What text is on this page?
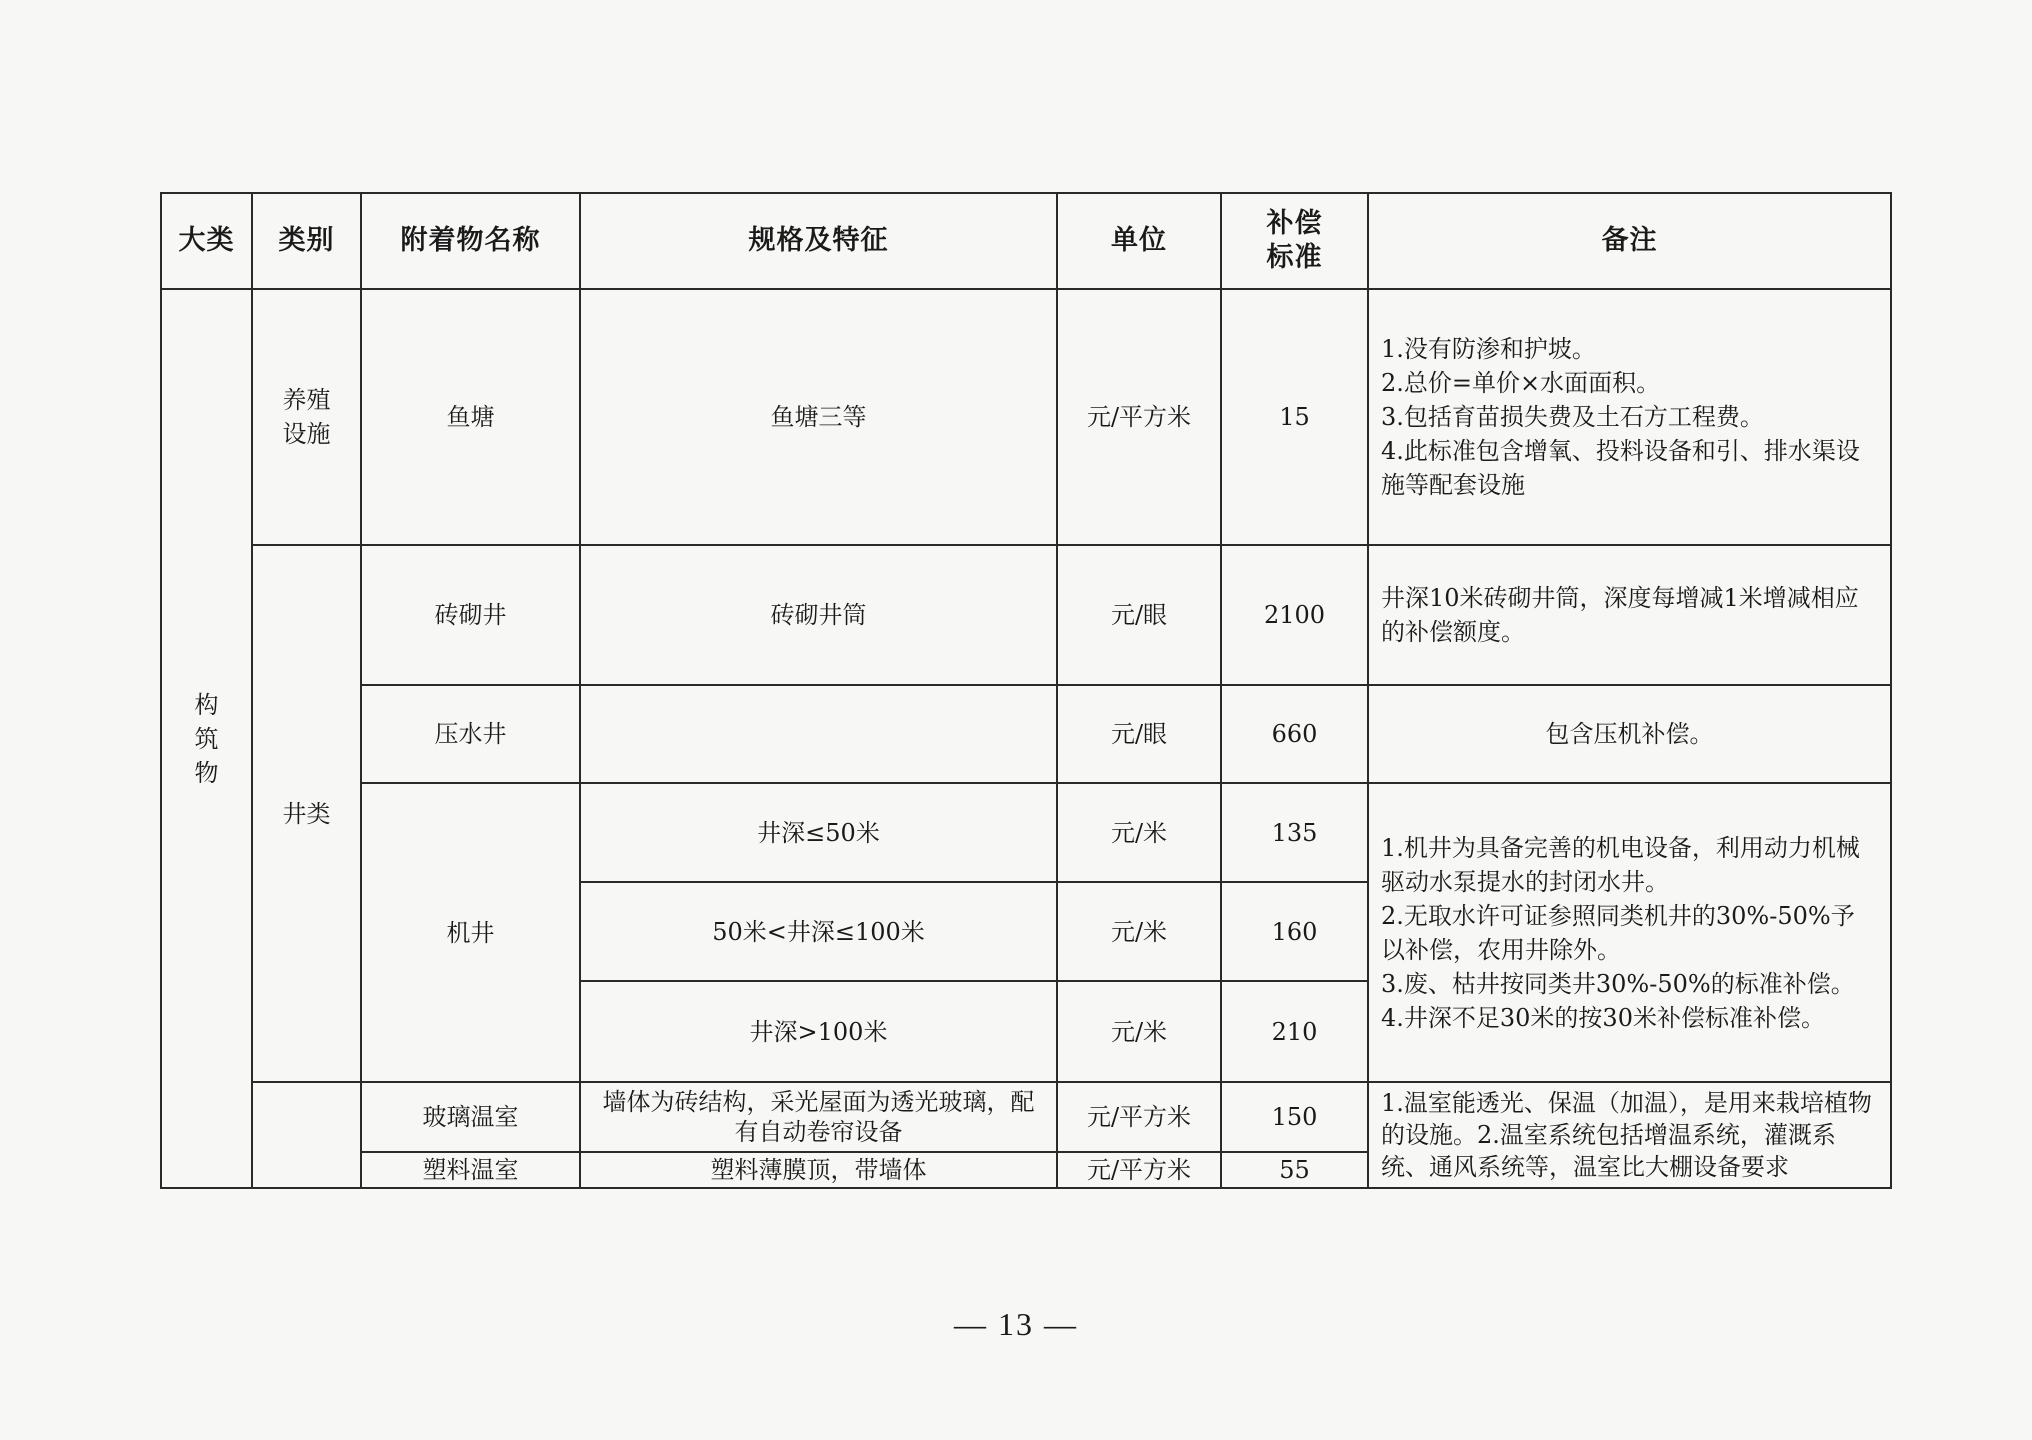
大类	类别	附着物名称	规格及特征	单位	补偿标准	备注
构筑物	养殖设施	鱼塘	鱼塘三等	元/平方米	15	1.没有防渗和护坡。
2.总价=单价×水面面积。
3.包括育苗损失费及土石方工程费。
4.此标准包含增氧、投料设备和引、排水渠设施等配套设施

	井类	砖砌井	砖砌井筒	元/眼	2100	井深10米砖砌井筒，深度每增减1米增减相应的补偿额度。
		压水井		元/眼	660	包含压机补偿。
		机井	井深≤50米	元/米	135	1.机井为具备完善的机电设备，利用动力机械驱动水泵提水的封闭水井。
2.无取水许可证参照同类机井的30%-50%予以补偿，农用井除外。
3.废、枯井按同类井30%-50%的标准补偿。
4.井深不足30米的按30米补偿标准补偿。

			50米<井深≤100米	元/米	160	
			井深>100米	元/米	210	
		玻璃温室	墙体为砖结构，采光屋面为透光玻璃，配有自动卷帘设备	元/平方米	150	1.温室能透光、保温（加温），是用来栽培植物的设施。2.温室系统包括增温系统，灌溉系统、通风系统等，温室比大棚设备要求
		塑料温室	塑料薄膜顶，带墙体	元/平方米	55	
— 13 —
